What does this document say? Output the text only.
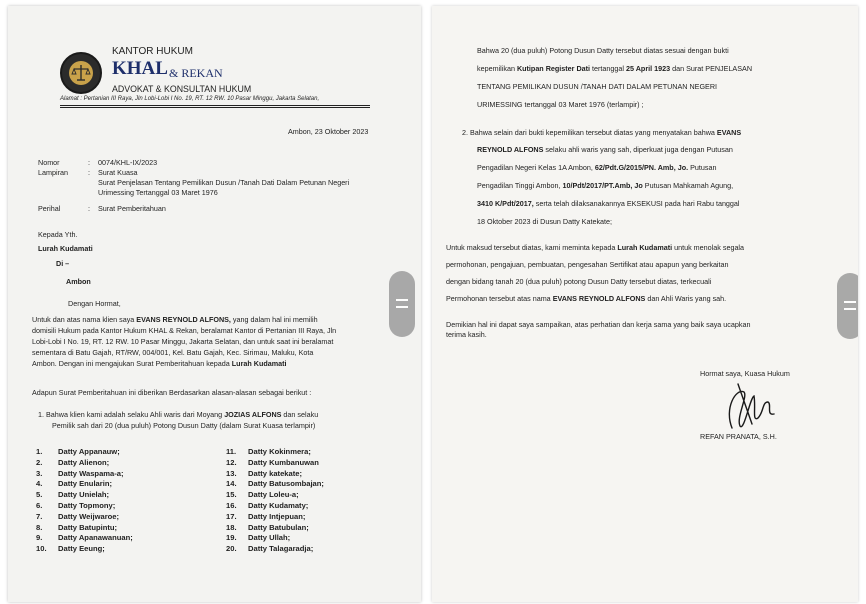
KANTOR HUKUM
KHAL & REKAN
ADVOKAT & KONSULTAN HUKUM
Alamat : Pertanian III Raya, Jln Lobi-Lobi I No. 19, RT. 12 RW. 10 Pasar Minggu, Jakarta Selatan,
Ambon, 23 Oktober 2023
Nomor	: 0074/KHL-IX/2023
Lampiran	: Surat Kuasa
Surat Penjelasan Tentang Pemilikan Dusun /Tanah Dati Dalam Petunan Negeri
Urimessing Tertanggal 03 Maret 1976
Perihal	: Surat Pemberitahuan
Kepada Yth.
Lurah Kudamati
Di –
Ambon
Dengan Hormat,
Untuk dan atas nama klien saya EVANS REYNOLD ALFONS, yang dalam hal ini memilih
domisili Hukum pada Kantor Hukum KHAL & Rekan, beralamat Kantor di Pertanian III Raya, Jln
Lobi-Lobi I No. 19, RT. 12 RW. 10 Pasar Minggu, Jakarta Selatan, dan untuk saat ini beralamat
sementara di Batu Gajah, RT/RW, 004/001, Kel. Batu Gajah, Kec. Sirimau, Maluku, Kota
Ambon. Dengan ini mengajukan Surat Pemberitahuan kepada Lurah Kudamati
Adapun Surat Pemberitahuan ini diberikan Berdasarkan alasan-alasan sebagai berikut :
1. Bahwa klien kami adalah selaku Ahli waris dari Moyang JOZIAS ALFONS dan selaku
Pemilik sah dari 20 (dua puluh) Potong Dusun Datty (dalam Surat Kuasa terlampir)
1. Datty Appanauw;
2. Datty Alienon;
3. Datty Waspama-a;
4. Datty Enularin;
5. Datty Unielah;
6. Datty Topmony;
7. Datty Weijwaroe;
8. Datty Batupintu;
9. Datty Apanawanuan;
10. Datty Eeung;
11. Datty Kokinmera;
12. Datty Kumbanuwan
13. Datty katekate;
14. Datty Batusombajan;
15. Datty Loleu-a;
16. Datty Kudamaty;
17. Datty Intjepuan;
18. Datty Batubulan;
19. Datty Ullah;
20. Datty Talagaradja;
Bahwa 20 (dua puluh) Potong Dusun Datty tersebut diatas sesuai dengan bukti
kepemilikan Kutipan Register Dati tertanggal 25 April 1923 dan Surat PENJELASAN
TENTANG PEMILIKAN DUSUN /TANAH DATI DALAM PETUNAN NEGERI
URIMESSING tertanggal 03 Maret 1976 (terlampir) ;
2. Bahwa selain dari bukti kepemilikan tersebut diatas yang menyatakan bahwa EVANS
REYNOLD ALFONS selaku ahli waris yang sah, diperkuat juga dengan Putusan
Pengadilan Negeri Kelas 1A Ambon, 62/Pdt.G/2015/PN. Amb, Jo. Putusan
Pengadilan Tinggi Ambon, 10/Pdt/2017/PT.Amb, Jo Putusan Mahkamah Agung,
3410 K/Pdt/2017, serta telah dilaksanakannya EKSEKUSI pada hari Rabu tanggal
18 Oktober 2023 di Dusun Datty Katekate;
Untuk maksud tersebut diatas, kami meminta kepada Lurah Kudamati untuk menolak segala
permohonan, pengajuan, pembuatan, pengesahan Sertifikat atau apapun yang berkaitan
dengan bidang tanah 20 (dua puluh) potong Dusun Datty tersebut diatas, terkecuali
Permohonan tersebut atas nama EVANS REYNOLD ALFONS dan Ahli Waris yang sah.
Demikian hal ini dapat saya sampaikan, atas perhatian dan kerja sama yang baik saya ucapkan
terima kasih.
Hormat saya, Kuasa Hukum
REFAN PRANATA, S.H.
